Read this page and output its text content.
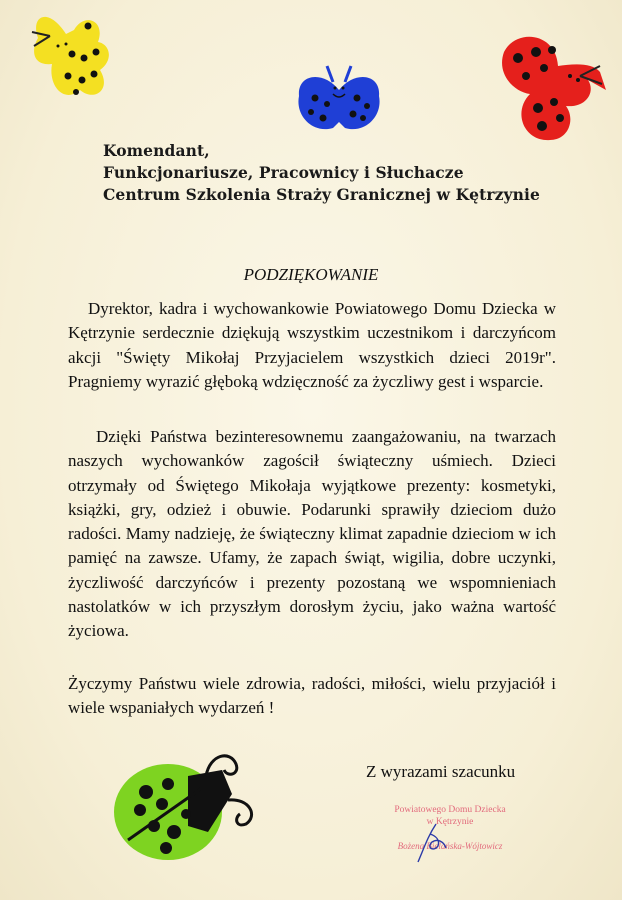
Komendant,
Funkcjonariusze, Pracownicy i Słuchacze
Centrum Szkolenia Straży Granicznej w Kętrzynie
PODZIĘKOWANIE
Dyrektor, kadra i wychowankowie Powiatowego Domu Dziecka w Kętrzynie serdecznie dziękują wszystkim uczestnikom i darczyńcom akcji "Święty Mikołaj Przyjacielem wszystkich dzieci 2019r". Pragniemy wyrazić głęboką wdzięczność za życzliwy gest i wsparcie.
Dzięki Państwa bezinteresownemu zaangażowaniu, na twarzach naszych wychowanków zagościł świąteczny uśmiech. Dzieci otrzymały od Świętego Mikołaja wyjątkowe prezenty: kosmetyki, książki, gry, odzież i obuwie. Podarunki sprawiły dzieciom dużo radości. Mamy nadzieję, że świąteczny klimat zapadnie dzieciom w ich pamięć na zawsze. Ufamy, że zapach świąt, wigilia, dobre uczynki, życzliwość darczyńców i prezenty pozostaną we wspomnieniach nastolatków w ich przyszłym dorosłym życiu, jako ważna wartość życiowa.
Życzymy Państwu wiele zdrowia, radości, miłości, wielu przyjaciół i wiele wspaniałych wydarzeń !
Z wyrazami szacunku
Powiatowego Domu Dziecka
w Kętrzynie
Bożena Bielańska-Wójtowicz
